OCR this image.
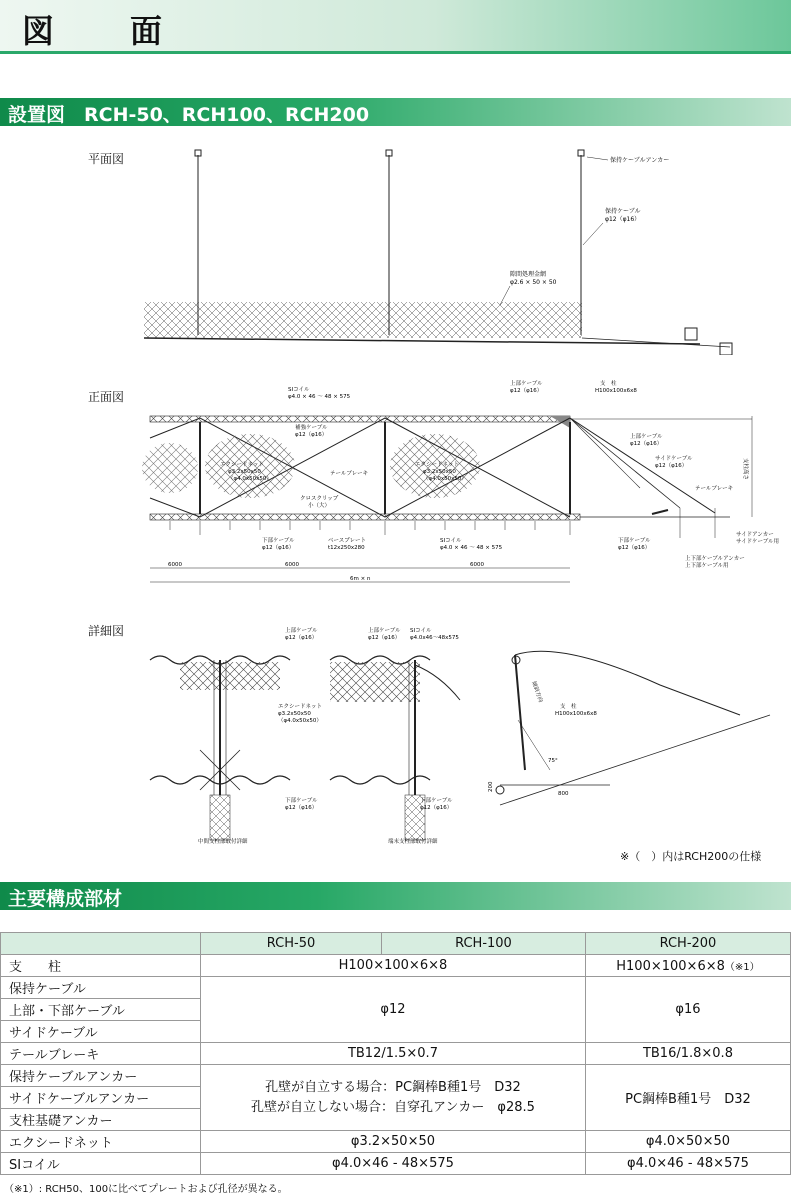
図　面
設置図　RCH-50、RCH100、RCH200
平面図	保持ケーブルアンカー
保持ケーブル
φ12（φ16）
隙間処理金網
φ2.6 × 50 × 50
正面図
支柱高さ
6000	6000	6000
6m × n
SIコイル
φ4.0 × 46 ～ 48 × 575
補強ケーブル
φ12（φ16）
上部ケーブル
φ12（φ16）
支　柱
H100x100x6x8
上部ケーブル
φ12（φ16）
サイドケーブル
φ12（φ16）
テールブレーキ
エクシードネット
φ3.2x50x50
（φ4.0x50x50）
エクシードネット
φ3.2x50x50
（φ4.0x50x50）
テールブレーキ
クロスクリップ
小（大）
下部ケーブル
φ12（φ16）
ベースプレート
t12x250x280
SIコイル
φ4.0 × 46 ～ 48 × 575
下部ケーブル
φ12（φ16）
サイドアンカー
サイドケーブル用
上下部ケーブルアンカー
上下部ケーブル用
詳細図	上部ケーブル
φ12（φ16）
エクシードネット
φ3.2x50x50
（φ4.0x50x50）
下部ケーブル
φ12（φ16）
中間支柱部取付詳細
上部ケーブル
φ12（φ16）
SIコイル
φ4.0x46～48x575
下部ケーブル
φ12（φ16）
端末支柱部取付詳細
支　柱
H100x100x6x8
傾斜方向
75°
200
800
※（　）内はRCH200の仕様
主要構成部材
	RCH-50	RCH-100	RCH-200
支　　柱	H100×100×6×8		H100×100×6×8（※1）
保持ケーブル	φ12		φ16
上部・下部ケーブル			
サイドケーブル			
テールブレーキ	TB12/1.5×0.7		TB16/1.8×0.8
保持ケーブルアンカー	孔壁が自立する場合：PC鋼棒B種1号　D32
孔壁が自立しない場合：自穿孔アンカー　φ28.5		PC鋼棒B種1号　D32
サイドケーブルアンカー			
支柱基礎アンカー			
エクシードネット	φ3.2×50×50		φ4.0×50×50
SIコイル	φ4.0×46 - 48×575		φ4.0×46 - 48×575
（※1）: RCH50、100に比べてプレートおよび孔径が異なる。
